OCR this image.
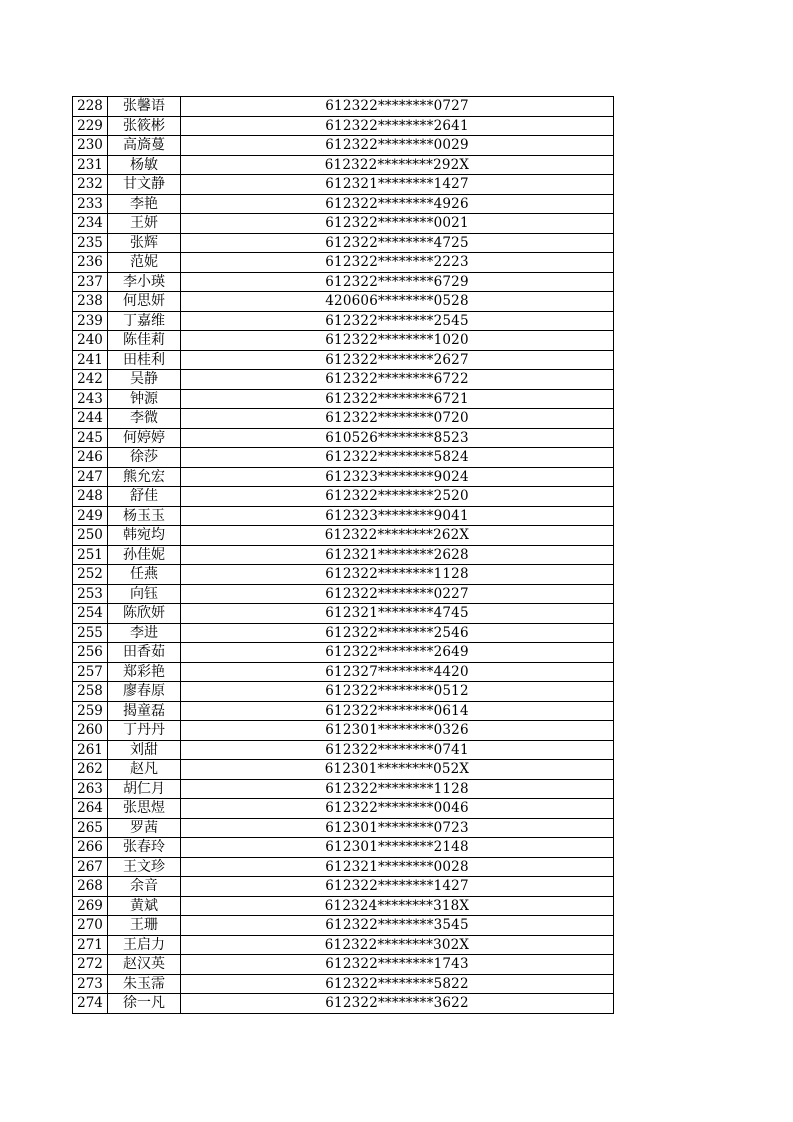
228	张馨语	612322********0727
229	张筱彬	612322********2641
230	高旖蔓	612322********0029
231	杨敏	612322********292X
232	甘文静	612321********1427
233	李艳	612322********4926
234	王妍	612322********0021
235	张辉	612322********4725
236	范妮	612322********2223
237	李小瑛	612322********6729
238	何思妍	420606********0528
239	丁嘉维	612322********2545
240	陈佳莉	612322********1020
241	田桂利	612322********2627
242	吴静	612322********6722
243	钟源	612322********6721
244	李微	612322********0720
245	何婷婷	610526********8523
246	徐莎	612322********5824
247	熊允宏	612323********9024
248	舒佳	612322********2520
249	杨玉玉	612323********9041
250	韩宛均	612322********262X
251	孙佳妮	612321********2628
252	任燕	612322********1128
253	向钰	612322********0227
254	陈欣妍	612321********4745
255	李进	612322********2546
256	田香茹	612322********2649
257	郑彩艳	612327********4420
258	廖春原	612322********0512
259	揭童磊	612322********0614
260	丁丹丹	612301********0326
261	刘甜	612322********0741
262	赵凡	612301********052X
263	胡仁月	612322********1128
264	张思煜	612322********0046
265	罗茜	612301********0723
266	张春玲	612301********2148
267	王文珍	612321********0028
268	余音	612322********1427
269	黄斌	612324********318X
270	王珊	612322********3545
271	王启力	612322********302X
272	赵汉英	612322********1743
273	朱玉霈	612322********5822
274	徐一凡	612322********3622
